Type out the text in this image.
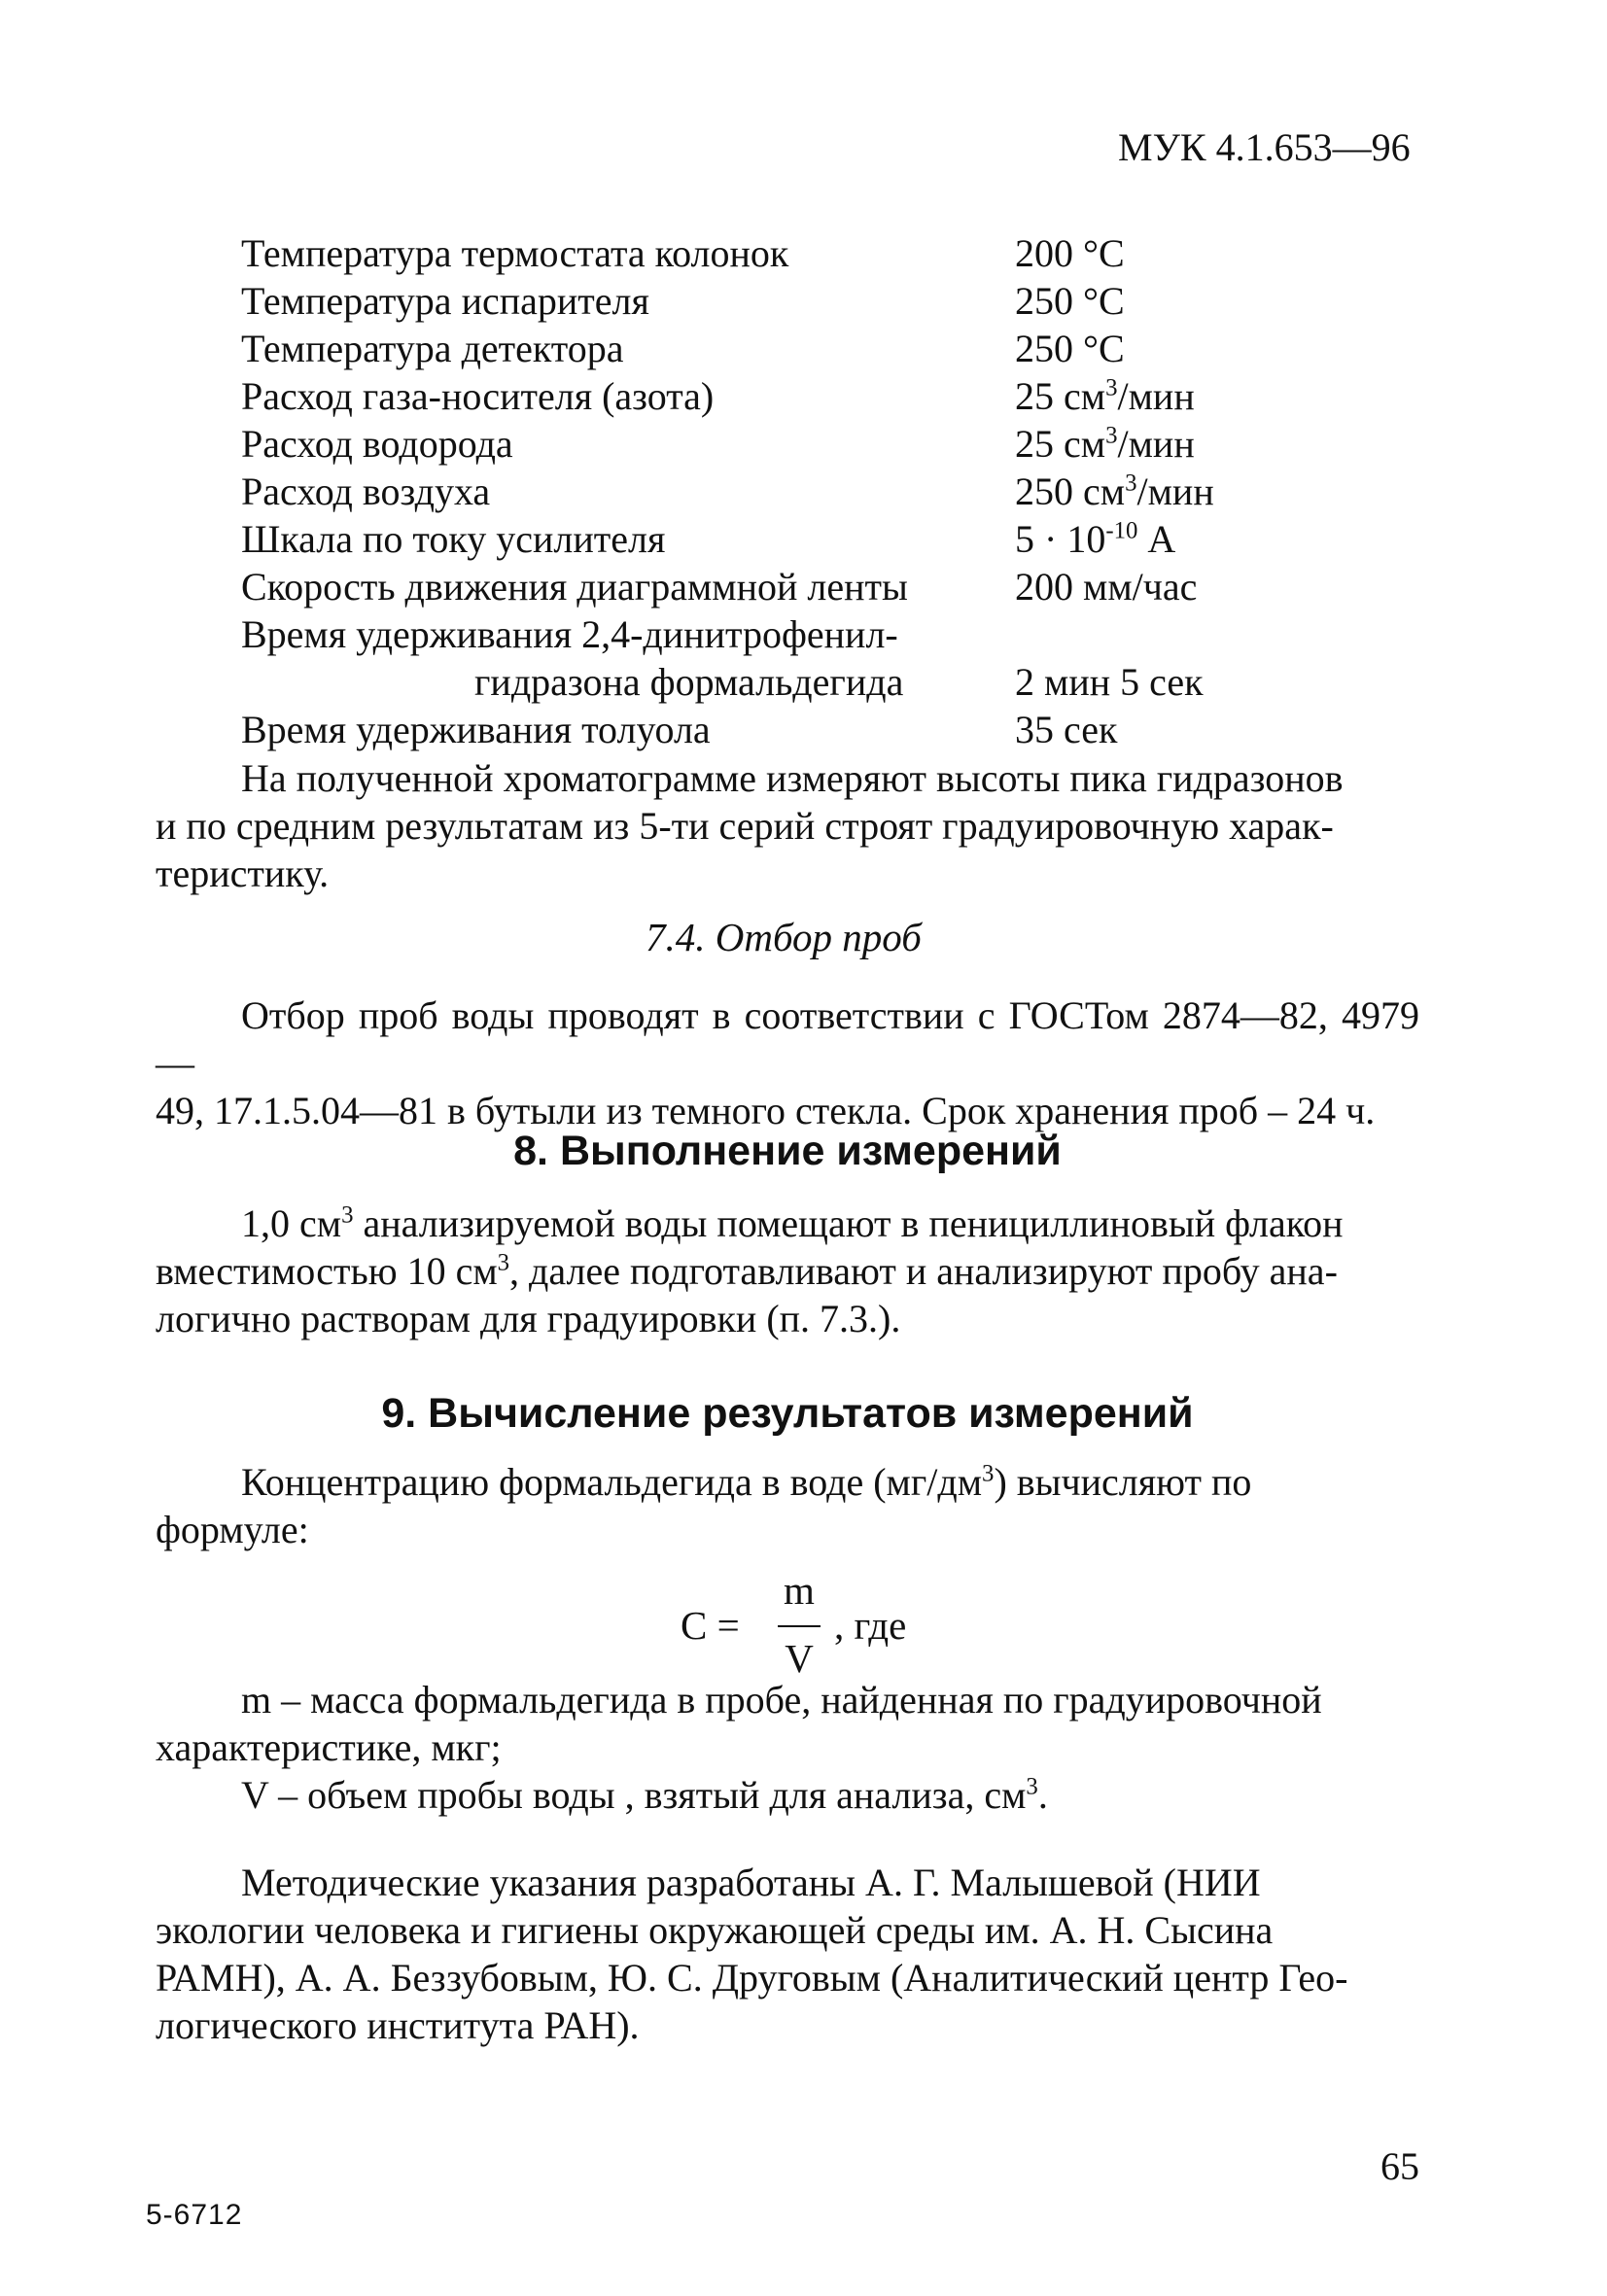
МУК 4.1.653—96
Температура термостата колонок	200 °С
Температура испарителя	250 °С
Температура детектора	250 °С
Расход газа-носителя (азота)	25 $см^3$/мин
Расход водорода	25 $см^3$/мин
Расход воздуха	250 $см^3$/мин
Шкала по току усилителя	$5 \cdot 10^{-10}$ А
Скорость движения диаграммной ленты	200 мм/час
Время удерживания 2,4-динитрофенил-
гидразона формальдегида	2 мин 5 сек
Время удерживания толуола	35 сек
На полученной хроматограмме измеряют высоты пика гидразонов
и по средним результатам из 5-ти серий строят градуировочную харак-
теристику.
7.4. Отбор проб
Отбор проб воды проводят в соответствии с ГОСТом 2874—82, 4979—
49, 17.1.5.04—81 в бутыли из темного стекла. Срок хранения проб – 24 ч.
8. Выполнение измерений
1,0 $см^3$ анализируемой воды помещают в пенициллиновый флакон
вместимостью 10 $см^3$, далее подготавливают и анализируют пробу ана-
логично растворам для градуировки (п. 7.3.).
9. Вычисление результатов измерений
Концентрацию формальдегида в воде $(мг/дм^3)$ вычисляют по
формуле:
С =
m
V
, где
m – масса формальдегида в пробе, найденная по градуировочной
характеристике, мкг;
V – объем пробы воды , взятый для анализа, $см^3$.
Методические указания разработаны А. Г. Малышевой (НИИ
экологии человека и гигиены окружающей среды им. А. Н. Сысина
РАМН), А. А. Беззубовым, Ю. С. Друговым (Аналитический центр Гео-
логического института РАН).
65
5-6712
